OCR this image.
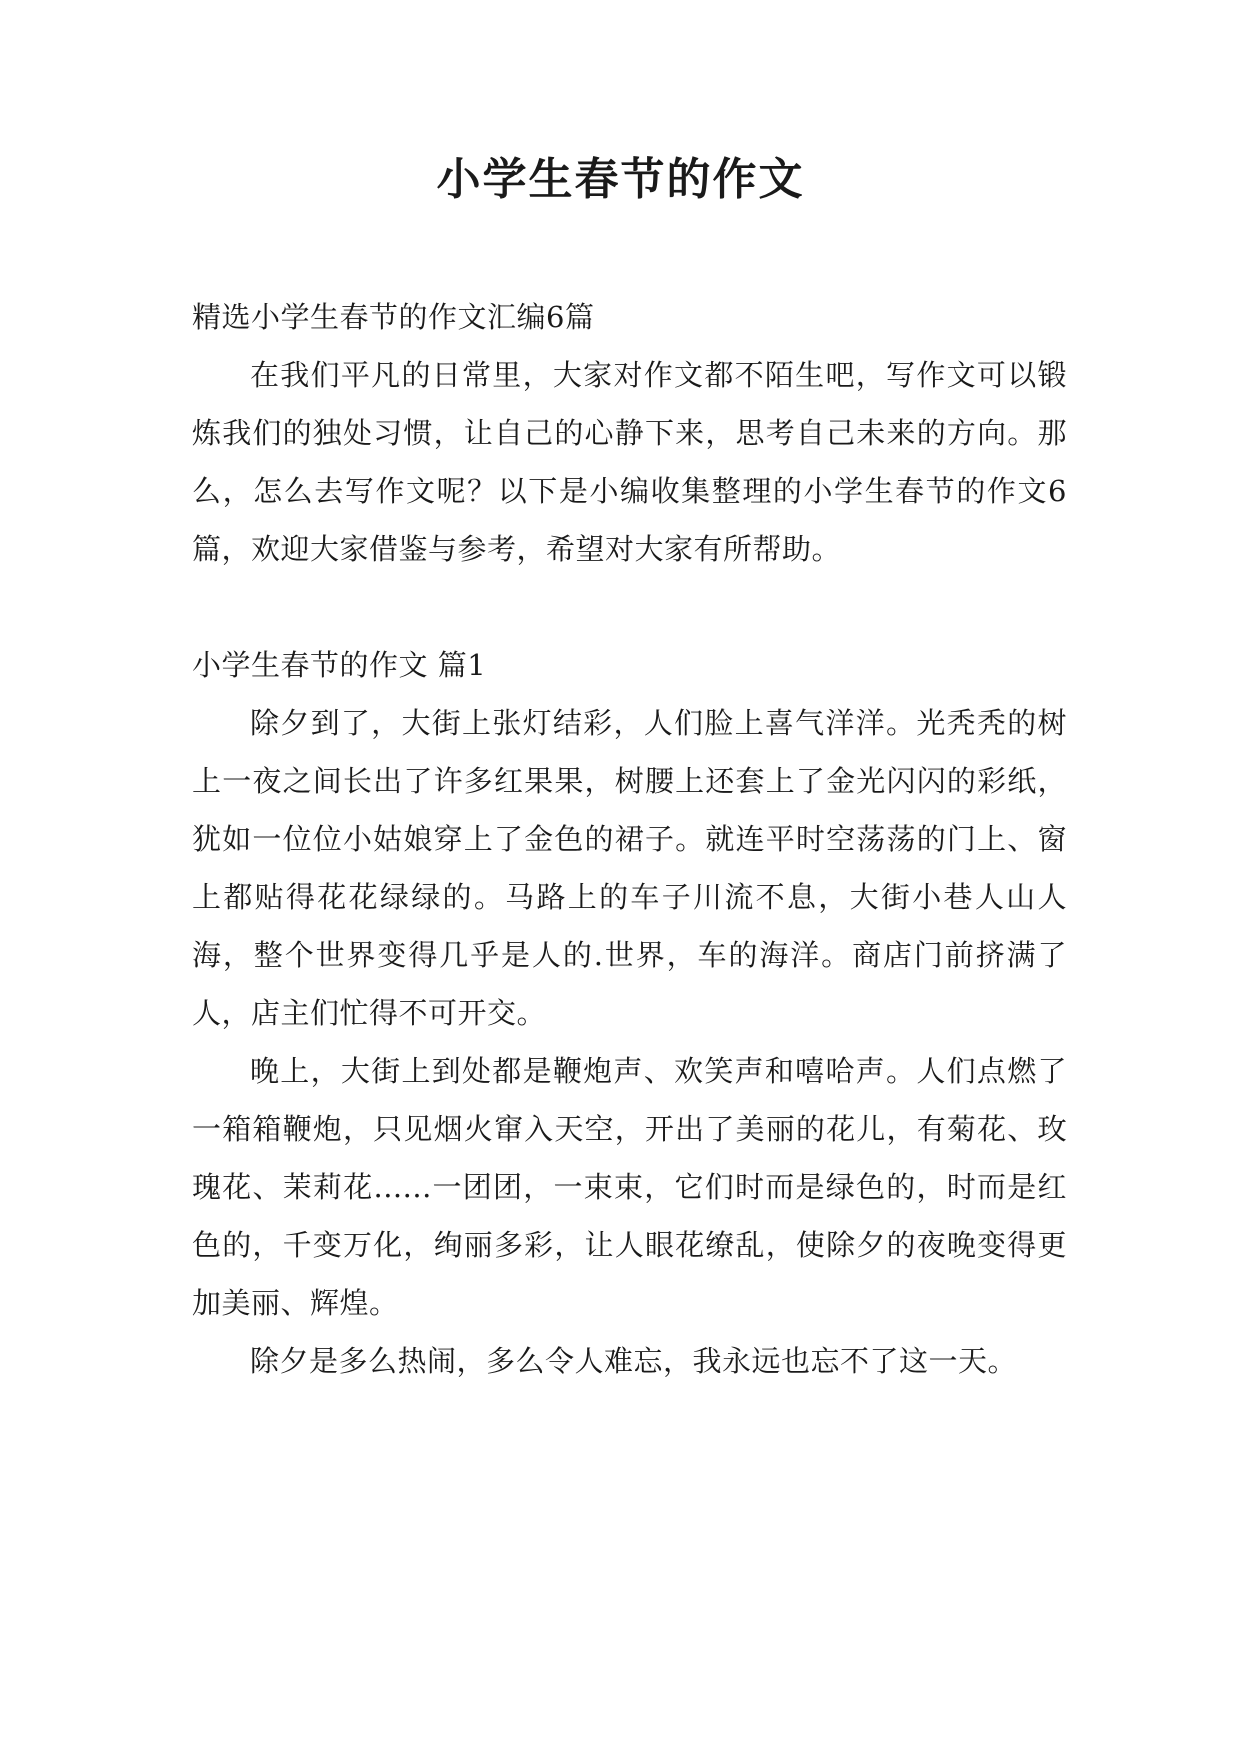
小学生春节的作文

精选小学生春节的作文汇编6篇

在我们平凡的日常里，大家对作文都不陌生吧，写作文可以锻炼我们的独处习惯，让自己的心静下来，思考自己未来的方向。那么，怎么去写作文呢？以下是小编收集整理的小学生春节的作文6篇，欢迎大家借鉴与参考，希望对大家有所帮助。

小学生春节的作文 篇1

除夕到了，大街上张灯结彩，人们脸上喜气洋洋。光秃秃的树上一夜之间长出了许多红果果，树腰上还套上了金光闪闪的彩纸，犹如一位位小姑娘穿上了金色的裙子。就连平时空荡荡的门上、窗上都贴得花花绿绿的。马路上的车子川流不息，大街小巷人山人海，整个世界变得几乎是人的.世界，车的海洋。商店门前挤满了人，店主们忙得不可开交。

晚上，大街上到处都是鞭炮声、欢笑声和嘻哈声。人们点燃了一箱箱鞭炮，只见烟火窜入天空，开出了美丽的花儿，有菊花、玫瑰花、茉莉花......一团团，一束束，它们时而是绿色的，时而是红色的，千变万化，绚丽多彩，让人眼花缭乱，使除夕的夜晚变得更加美丽、辉煌。

除夕是多么热闹，多么令人难忘，我永远也忘不了这一天。
